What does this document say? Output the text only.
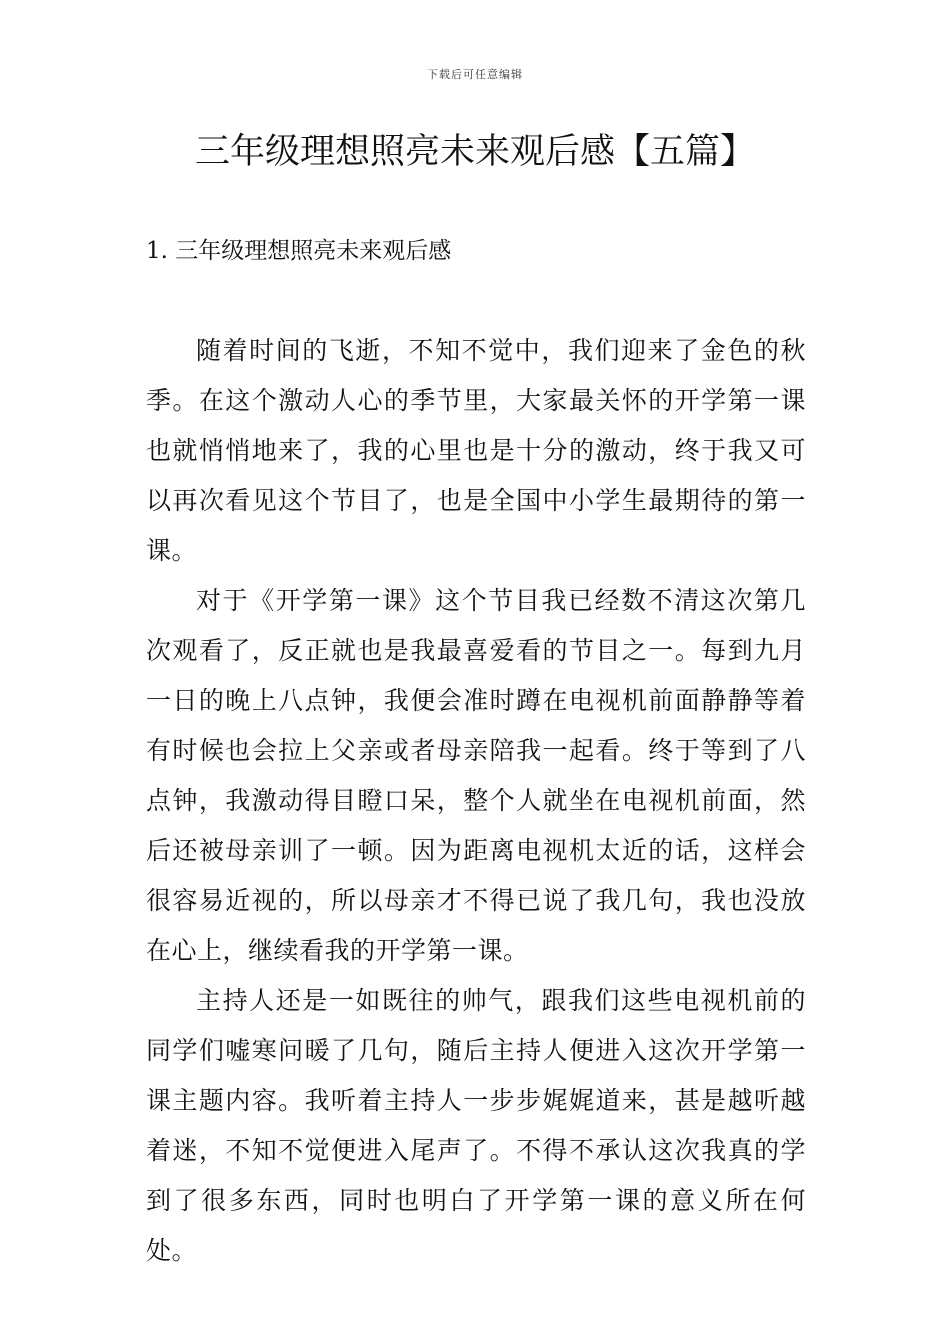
下载后可任意编辑
三年级理想照亮未来观后感【五篇】
1. 三年级理想照亮未来观后感

随着时间的飞逝，不知不觉中，我们迎来了金色的秋季。在这个激动人心的季节里，大家最关怀的开学第一课也就悄悄地来了，我的心里也是十分的激动，终于我又可以再次看见这个节目了，也是全国中小学生最期待的第一课。

对于《开学第一课》这个节目我已经数不清这次第几次观看了，反正就也是我最喜爱看的节目之一。每到九月一日的晚上八点钟，我便会准时蹲在电视机前面静静等着有时候也会拉上父亲或者母亲陪我一起看。终于等到了八点钟，我激动得目瞪口呆，整个人就坐在电视机前面，然后还被母亲训了一顿。因为距离电视机太近的话，这样会很容易近视的，所以母亲才不得已说了我几句，我也没放在心上，继续看我的开学第一课。

主持人还是一如既往的帅气，跟我们这些电视机前的同学们嘘寒问暖了几句，随后主持人便进入这次开学第一课主题内容。我听着主持人一步步娓娓道来，甚是越听越着迷，不知不觉便进入尾声了。不得不承认这次我真的学到了很多东西，同时也明白了开学第一课的意义所在何处。
